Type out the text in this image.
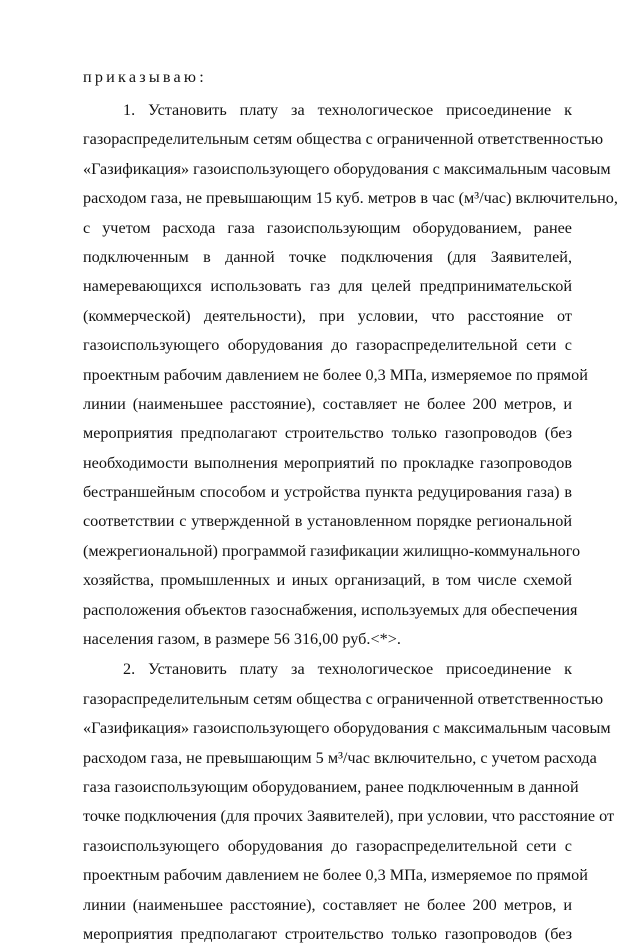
приказываю:
1. Установить плату за технологическое присоединение к
газораспределительным сетям общества с ограниченной ответственностью
«Газификация» газоиспользующего оборудования с максимальным часовым
расходом газа, не превышающим 15 куб. метров в час (м³/час) включительно,
с учетом расхода газа газоиспользующим оборудованием, ранее
подключенным в данной точке подключения (для Заявителей,
намеревающихся использовать газ для целей предпринимательской
(коммерческой) деятельности), при условии, что расстояние от
газоиспользующего оборудования до газораспределительной сети с
проектным рабочим давлением не более 0,3 МПа, измеряемое по прямой
линии (наименьшее расстояние), составляет не более 200 метров, и
мероприятия предполагают строительство только газопроводов (без
необходимости выполнения мероприятий по прокладке газопроводов
бестраншейным способом и устройства пункта редуцирования газа) в
соответствии с утвержденной в установленном порядке региональной
(межрегиональной) программой газификации жилищно-коммунального
хозяйства, промышленных и иных организаций, в том числе схемой
расположения объектов газоснабжения, используемых для обеспечения
населения газом, в размере 56 316,00 руб.<*>.
2. Установить плату за технологическое присоединение к
газораспределительным сетям общества с ограниченной ответственностью
«Газификация» газоиспользующего оборудования с максимальным часовым
расходом газа, не превышающим 5 м³/час включительно, с учетом расхода
газа газоиспользующим оборудованием, ранее подключенным в данной
точке подключения (для прочих Заявителей), при условии, что расстояние от
газоиспользующего оборудования до газораспределительной сети с
проектным рабочим давлением не более 0,3 МПа, измеряемое по прямой
линии (наименьшее расстояние), составляет не более 200 метров, и
мероприятия предполагают строительство только газопроводов (без
